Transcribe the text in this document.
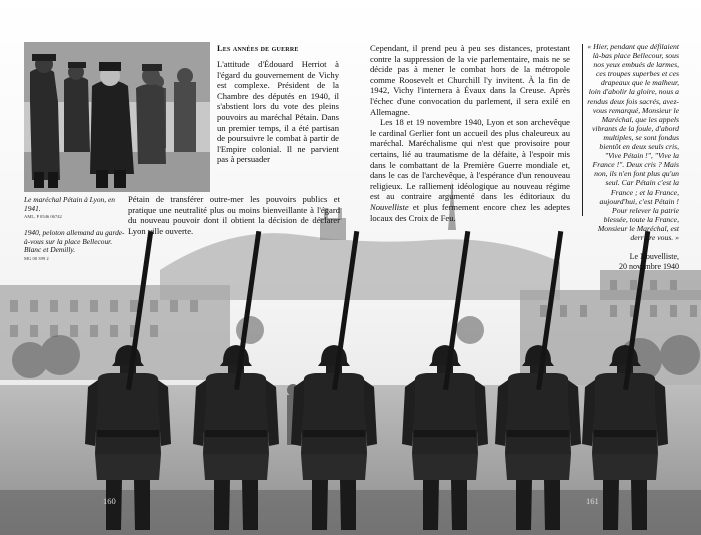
Le maréchal Pétain à Lyon, en 1941.
AML, P 0546 06742

1940, peloton allemand au garde-à-vous sur la place Bellecour. Blanc et Demilly.
MG 00 399 2

Les années de guerre

L'attitude d'Édouard Herriot à l'égard du gouvernement de Vichy est complexe. Président de la Chambre des députés en 1940, il s'abstient lors du vote des pleins pouvoirs au maréchal Pétain. Dans un premier temps, il a été partisan de poursuivre le combat à partir de l'Empire colonial. Il ne parvient pas à persuader

Pétain de transférer outre-mer les pouvoirs publics et pratique une neutralité plus ou moins bienveillante à l'égard du nouveau pouvoir dont il obtient la décision de déclarer Lyon ville ouverte.

Cependant, il prend peu à peu ses distances, protestant contre la suppression de la vie parlementaire, mais ne se décide pas à mener le combat hors de la métropole comme Roosevelt et Churchill l'y invitent. À la fin de 1942, Vichy l'internera à Évaux dans la Creuse. Après l'échec d'une convocation du parlement, il sera exilé en Allemagne.

Les 18 et 19 novembre 1940, Lyon et son archevêque le cardinal Gerlier font un accueil des plus chaleureux au maréchal. Maréchalisme qui n'est que provisoire pour certains, lié au traumatisme de la défaite, à l'espoir mis dans le combattant de la Première Guerre mondiale et, dans le cas de l'archevêque, à l'espérance d'un renouveau religieux. Le ralliement idéologique au nouveau régime est au contraire argumenté dans les éditoriaux du Nouvelliste et plus fermement encore chez les adeptes locaux des Croix de Feu.

« Hier, pendant que défilaient là-bas place Bellecour, sous nos yeux embués de larmes, ces troupes superbes et ces drapeaux que le malheur, loin d'abolir la gloire, nous a rendus deux fois sacrés, avez-vous remarqué, Monsieur le Maréchal, que les appels vibrants de la foule, d'abord multiples, se sont fondus bientôt en deux seuls cris, "Vive Pétain !", "Vive la France !". Deux cris ? Mais non, ils n'en font plus qu'un seul. Car Pétain c'est la France ; et la France, aujourd'hui, c'est Pétain ! Pour relever la patrie blessée, toute la France, Monsieur le Maréchal, est derrière vous. »

Le Nouvelliste,
20 novembre 1940

160	161
